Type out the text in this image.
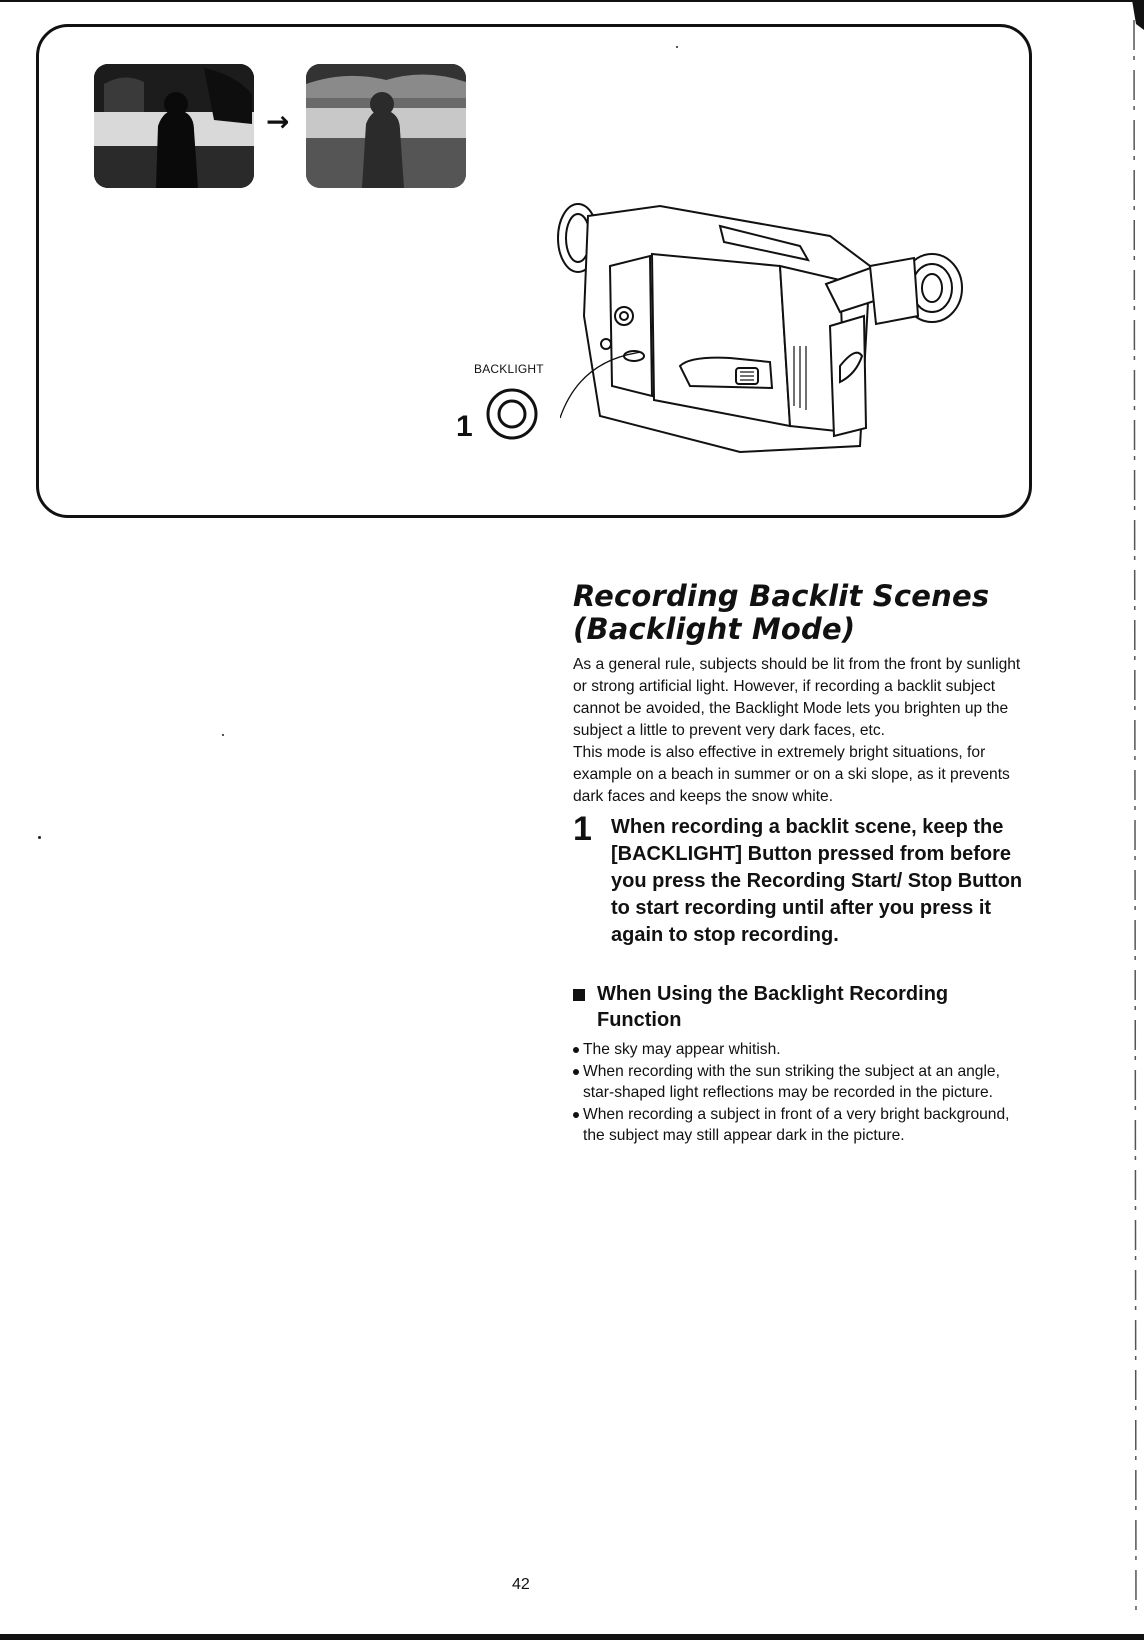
→
BACKLIGHT
1
Recording Backlit Scenes
(Backlight Mode)

As a general rule, subjects should be lit from the front by sunlight or strong artificial light. However, if recording a backlit subject cannot be avoided, the Backlight Mode lets you brighten up the subject a little to prevent very dark faces, etc.

This mode is also effective in extremely bright situations, for example on a beach in summer or on a ski slope, as it prevents dark faces and keeps the snow white.

1 When recording a backlit scene, keep the [BACKLIGHT] Button pressed from before you press the Recording Start/ Stop Button to start recording until after you press it again to stop recording.

When Using the Backlight Recording Function
The sky may appear whitish.
When recording with the sun striking the subject at an angle, star-shaped light reflections may be recorded in the picture.
When recording a subject in front of a very bright background, the subject may still appear dark in the picture.
42
